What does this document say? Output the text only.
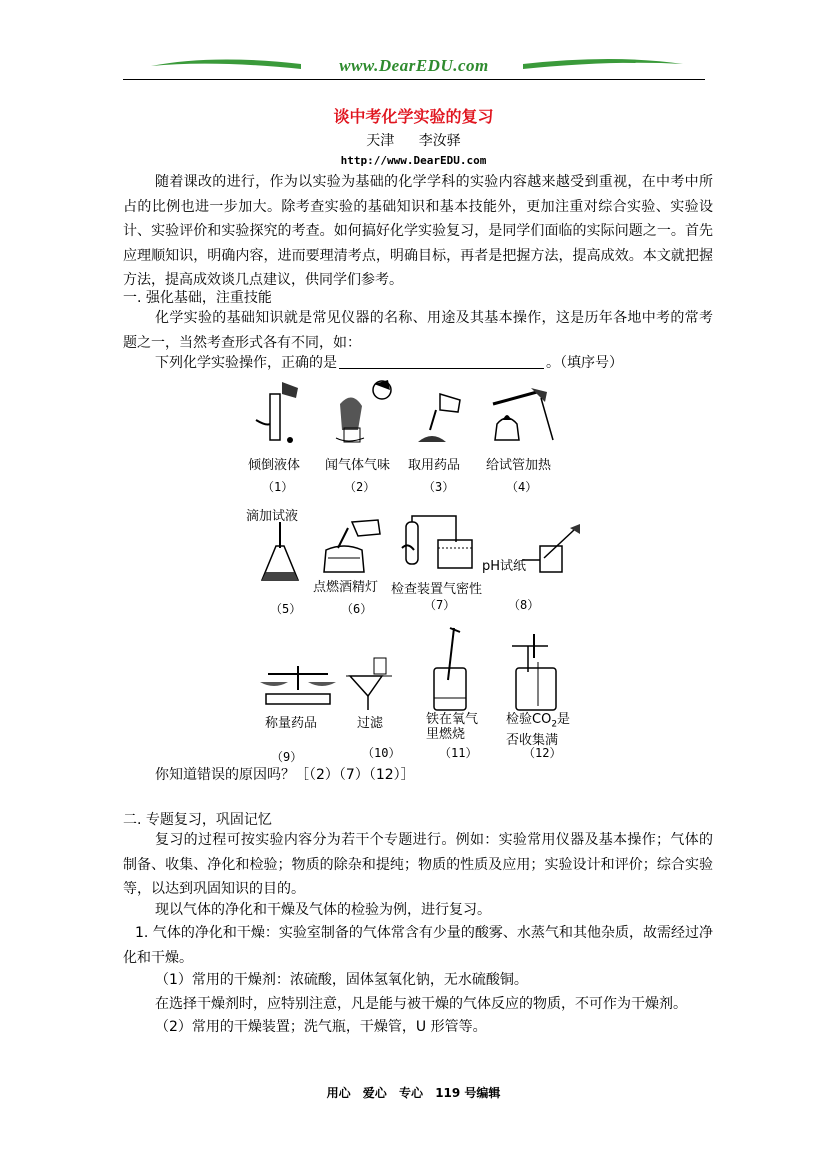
www.DearEDU.com
谈中考化学实验的复习
天津 李汝驿
http://www.DearEDU.com
随着课改的进行，作为以实验为基础的化学学科的实验内容越来越受到重视，在中考中所占的比例也进一步加大。除考查实验的基础知识和基本技能外，更加注重对综合实验、实验设计、实验评价和实验探究的考查。如何搞好化学实验复习，是同学们面临的实际问题之一。首先应理顺知识，明确内容，进而要理清考点，明确目标，再者是把握方法，提高成效。本文就把握方法，提高成效谈几点建议，供同学们参考。
一. 强化基础，注重技能
化学实验的基础知识就是常见仪器的名称、用途及其基本操作，这是历年各地中考的常考题之一，当然考查形式各有不同，如：
下列化学实验操作，正确的是	。（填序号）
倾倒液体 闻气体气味 取用药品 给试管加热
（1）	（2）	（3）	（4）
滴加试液
点燃酒精灯 检查装置气密性
pH试纸
（5）	（6）	（7）	（8）
称量药品	过滤	铁在氧气
里燃烧
检验$CO_2$是
否收集满
（9）	（10）	（11）	（12）
你知道错误的原因吗？［（2）（7）（12）］
二. 专题复习，巩固记忆
复习的过程可按实验内容分为若干个专题进行。例如：实验常用仪器及基本操作；气体的制备、收集、净化和检验；物质的除杂和提纯；物质的性质及应用；实验设计和评价；综合实验等，以达到巩固知识的目的。
现以气体的净化和干燥及气体的检验为例，进行复习。
1. 气体的净化和干燥：实验室制备的气体常含有少量的酸雾、水蒸气和其他杂质，故需经过净化和干燥。
（1）常用的干燥剂：浓硫酸，固体氢氧化钠，无水硫酸铜。
在选择干燥剂时，应特别注意，凡是能与被干燥的气体反应的物质，不可作为干燥剂。
（2）常用的干燥装置；洗气瓶，干燥管，U 形管等。
用心 爱心 专心 119 号编辑
